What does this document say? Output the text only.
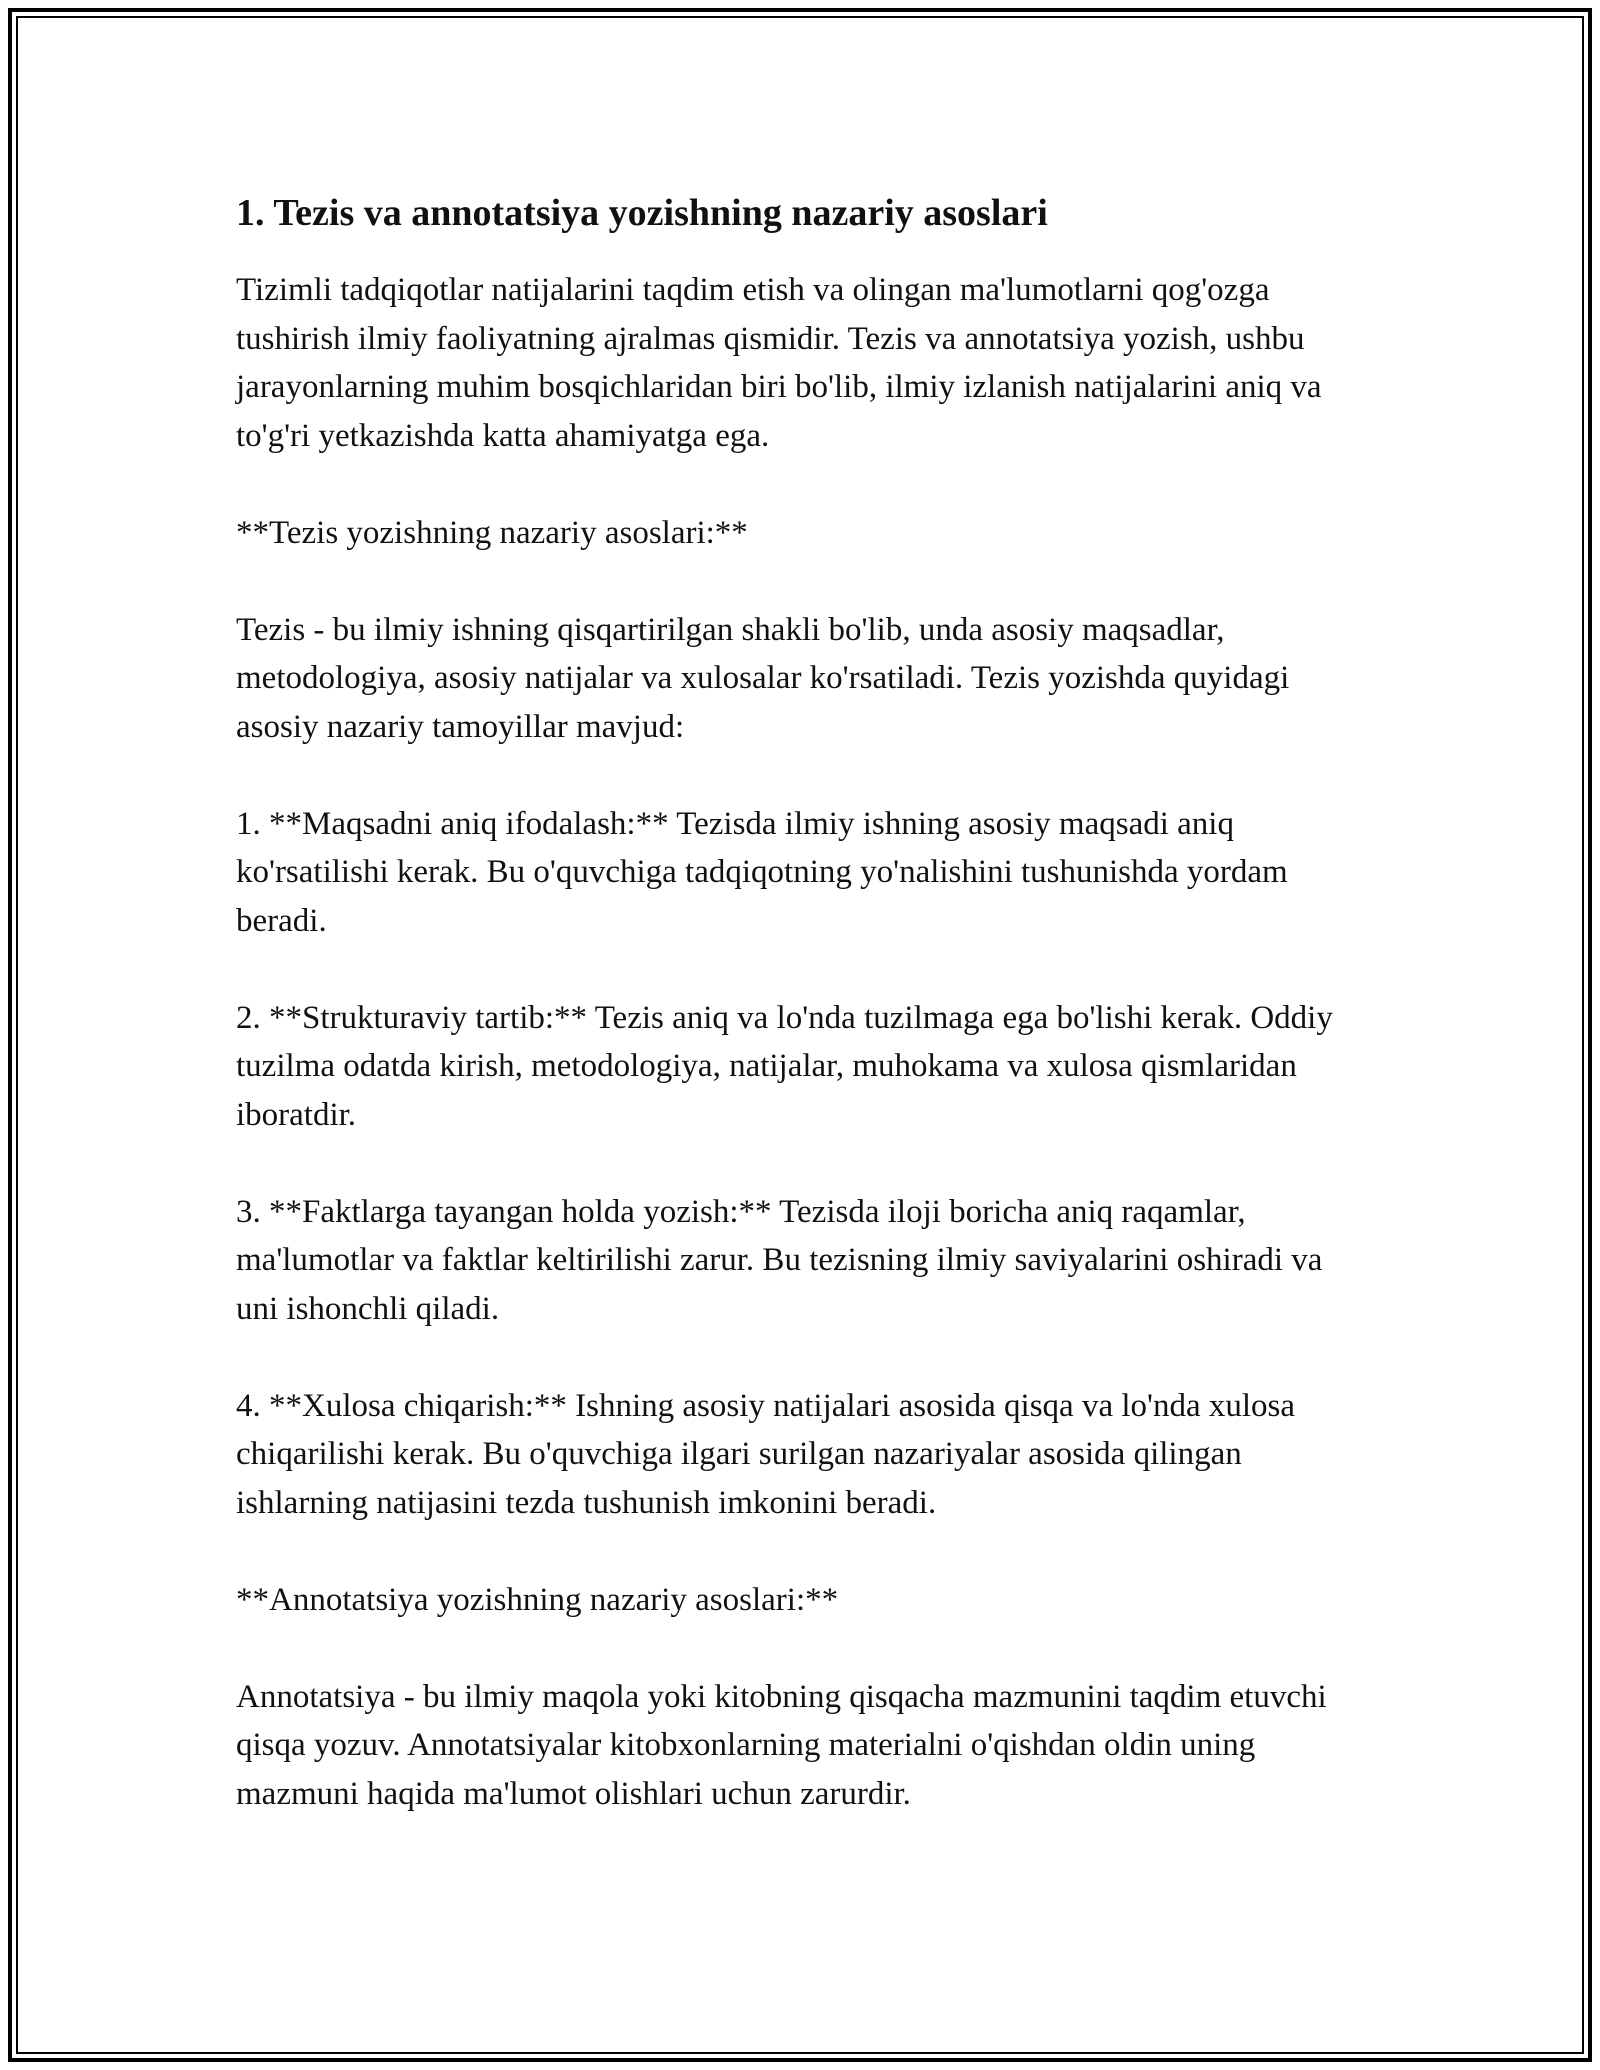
1. Tezis va annotatsiya yozishning nazariy asoslari

Tizimli tadqiqotlar natijalarini taqdim etish va olingan ma'lumotlarni qog'ozga tushirish ilmiy faoliyatning ajralmas qismidir. Tezis va annotatsiya yozish, ushbu jarayonlarning muhim bosqichlaridan biri bo'lib, ilmiy izlanish natijalarini aniq va to'g'ri yetkazishda katta ahamiyatga ega.

**Tezis yozishning nazariy asoslari:**

Tezis - bu ilmiy ishning qisqartirilgan shakli bo'lib, unda asosiy maqsadlar, metodologiya, asosiy natijalar va xulosalar ko'rsatiladi. Tezis yozishda quyidagi asosiy nazariy tamoyillar mavjud:

1. **Maqsadni aniq ifodalash:** Tezisda ilmiy ishning asosiy maqsadi aniq ko'rsatilishi kerak. Bu o'quvchiga tadqiqotning yo'nalishini tushunishda yordam beradi.

2. **Strukturaviy tartib:** Tezis aniq va lo'nda tuzilmaga ega bo'lishi kerak. Oddiy tuzilma odatda kirish, metodologiya, natijalar, muhokama va xulosa qismlaridan iboratdir.

3. **Faktlarga tayangan holda yozish:** Tezisda iloji boricha aniq raqamlar, ma'lumotlar va faktlar keltirilishi zarur. Bu tezisning ilmiy saviyalarini oshiradi va uni ishonchli qiladi.

4. **Xulosa chiqarish:** Ishning asosiy natijalari asosida qisqa va lo'nda xulosa chiqarilishi kerak. Bu o'quvchiga ilgari surilgan nazariyalar asosida qilingan ishlarning natijasini tezda tushunish imkonini beradi.

**Annotatsiya yozishning nazariy asoslari:**

Annotatsiya - bu ilmiy maqola yoki kitobning qisqacha mazmunini taqdim etuvchi qisqa yozuv. Annotatsiyalar kitobxonlarning materialni o'qishdan oldin uning mazmuni haqida ma'lumot olishlari uchun zarurdir.
